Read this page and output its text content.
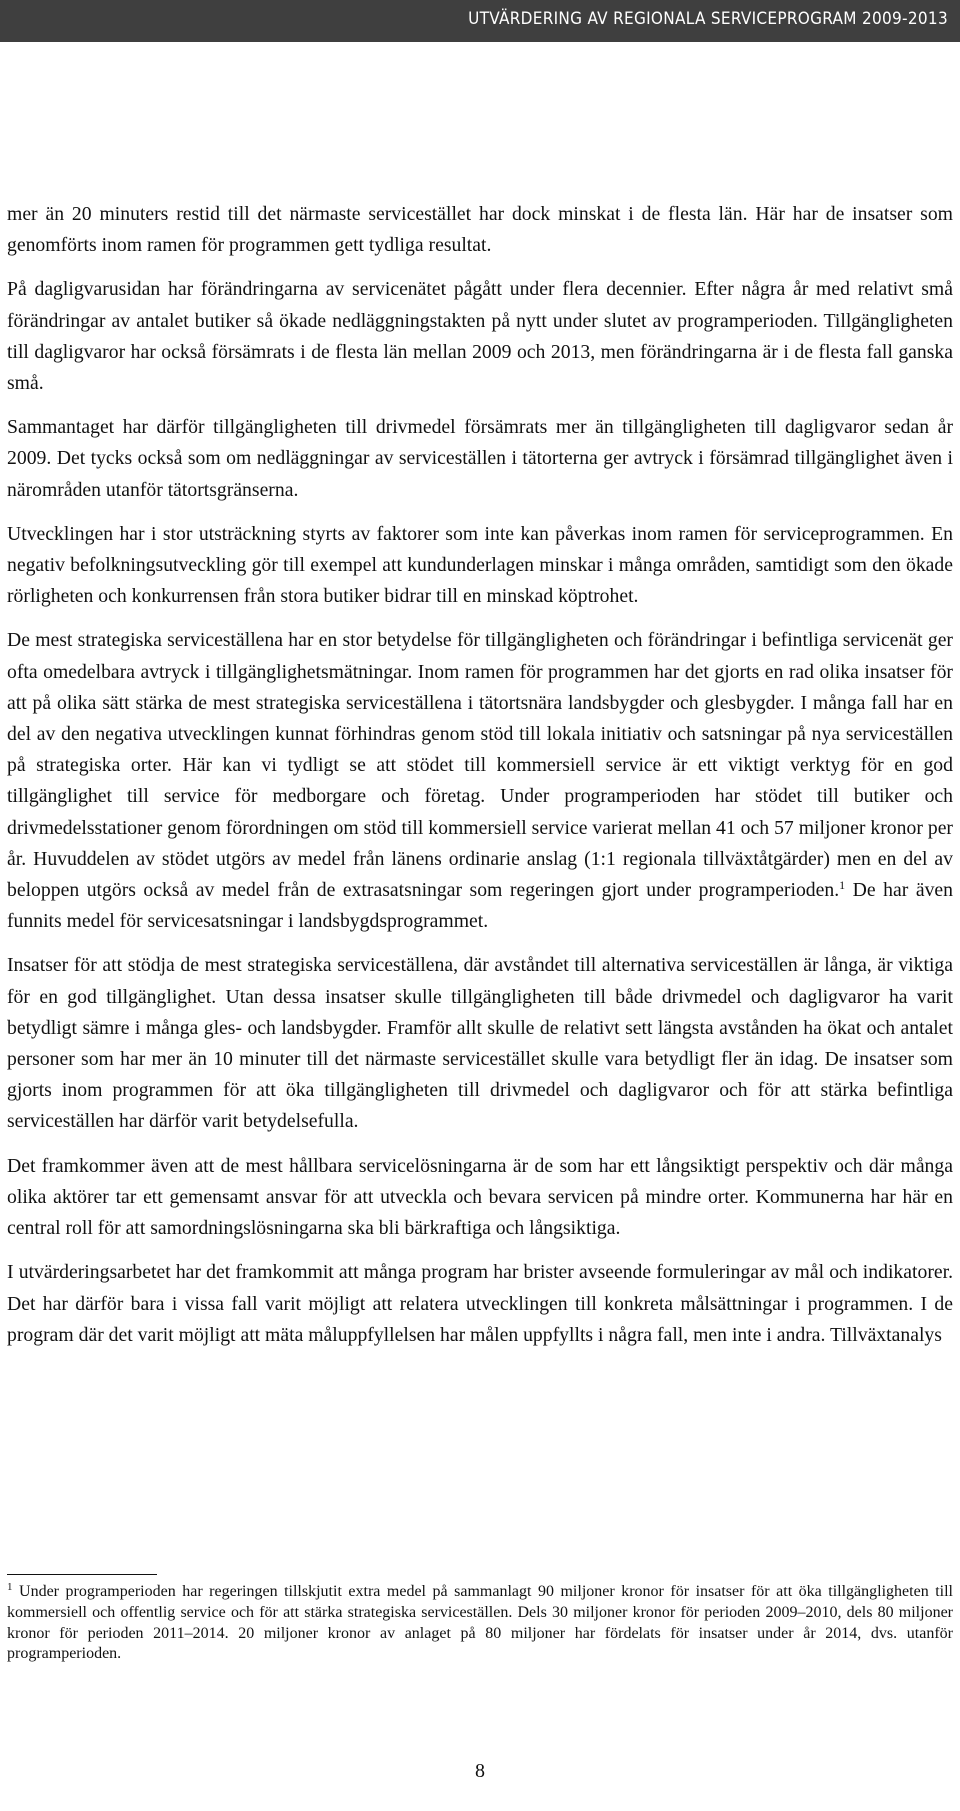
UTVÄRDERING AV REGIONALA SERVICEPROGRAM 2009-2013

mer än 20 minuters restid till det närmaste servicestället har dock minskat i de flesta län. Här har de insatser som genomförts inom ramen för programmen gett tydliga resultat.

På dagligvarusidan har förändringarna av servicenätet pågått under flera decennier. Efter några år med relativt små förändringar av antalet butiker så ökade nedläggningstakten på nytt under slutet av programperioden. Tillgängligheten till dagligvaror har också försämrats i de flesta län mellan 2009 och 2013, men förändringarna är i de flesta fall ganska små.

Sammantaget har därför tillgängligheten till drivmedel försämrats mer än tillgängligheten till dagligvaror sedan år 2009. Det tycks också som om nedläggningar av serviceställen i tätorterna ger avtryck i försämrad tillgänglighet även i närområden utanför tätortsgränserna.

Utvecklingen har i stor utsträckning styrts av faktorer som inte kan påverkas inom ramen för serviceprogrammen. En negativ befolkningsutveckling gör till exempel att kundunderlagen minskar i många områden, samtidigt som den ökade rörligheten och konkurrensen från stora butiker bidrar till en minskad köptrohet.

De mest strategiska serviceställena har en stor betydelse för tillgängligheten och förändringar i befintliga servicenät ger ofta omedelbara avtryck i tillgänglighetsmätningar. Inom ramen för programmen har det gjorts en rad olika insatser för att på olika sätt stärka de mest strategiska serviceställena i tätortsnära landsbygder och glesbygder. I många fall har en del av den negativa utvecklingen kunnat förhindras genom stöd till lokala initiativ och satsningar på nya serviceställen på strategiska orter. Här kan vi tydligt se att stödet till kommersiell service är ett viktigt verktyg för en god tillgänglighet till service för medborgare och företag. Under programperioden har stödet till butiker och drivmedelsstationer genom förordningen om stöd till kommersiell service varierat mellan 41 och 57 miljoner kronor per år. Huvuddelen av stödet utgörs av medel från länens ordinarie anslag (1:1 regionala tillväxtåtgärder) men en del av beloppen utgörs också av medel från de extrasatsningar som regeringen gjort under programperioden.$^1$ De har även funnits medel för servicesatsningar i landsbygdsprogrammet.

Insatser för att stödja de mest strategiska serviceställena, där avståndet till alternativa serviceställen är långa, är viktiga för en god tillgänglighet. Utan dessa insatser skulle tillgängligheten till både drivmedel och dagligvaror ha varit betydligt sämre i många gles- och landsbygder. Framför allt skulle de relativt sett längsta avstånden ha ökat och antalet personer som har mer än 10 minuter till det närmaste servicestället skulle vara betydligt fler än idag. De insatser som gjorts inom programmen för att öka tillgängligheten till drivmedel och dagligvaror och för att stärka befintliga serviceställen har därför varit betydelsefulla.

Det framkommer även att de mest hållbara servicelösningarna är de som har ett långsiktigt perspektiv och där många olika aktörer tar ett gemensamt ansvar för att utveckla och bevara servicen på mindre orter. Kommunerna har här en central roll för att samordningslösningarna ska bli bärkraftiga och långsiktiga.

I utvärderingsarbetet har det framkommit att många program har brister avseende formuleringar av mål och indikatorer. Det har därför bara i vissa fall varit möjligt att relatera utvecklingen till konkreta målsättningar i programmen. I de program där det varit möjligt att mäta måluppfyllelsen har målen uppfyllts i några fall, men inte i andra. Tillväxtanalys

$^1$ Under programperioden har regeringen tillskjutit extra medel på sammanlagt 90 miljoner kronor för insatser för att öka tillgängligheten till kommersiell och offentlig service och för att stärka strategiska serviceställen. Dels 30 miljoner kronor för perioden 2009–2010, dels 80 miljoner kronor för perioden 2011–2014. 20 miljoner kronor av anlaget på 80 miljoner har fördelats för insatser under år 2014, dvs. utanför programperioden.
8
